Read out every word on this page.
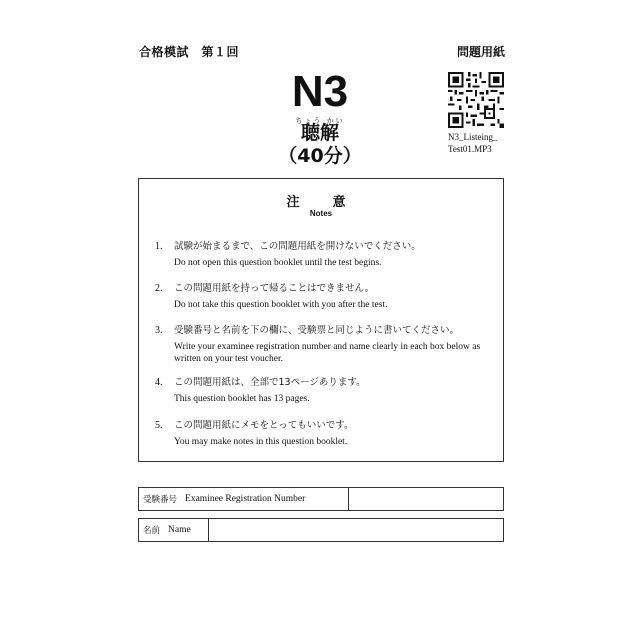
合格模試　第１回	問題用紙
N3
ちょう かい
聴解
（40分）
N3_Listeing_
Test01.MP3
注　意
Notes
1. 試験が始まるまで、この問題用紙を開けないでください。
Do not open this question booklet until the test begins.
2. この問題用紙を持って帰ることはできません。
Do not take this question booklet with you after the test.
3. 受験番号と名前を下の欄に、受験票と同じように書いてください。
Write your examinee registration number and name clearly in each box below as written on your test voucher.
4. この問題用紙は、全部で13ページあります。
This question booklet has 13 pages.
5. この問題用紙にメモをとってもいいです。
You may make notes in this question booklet.
受験番号 Examinee Registration Number
名前 Name
